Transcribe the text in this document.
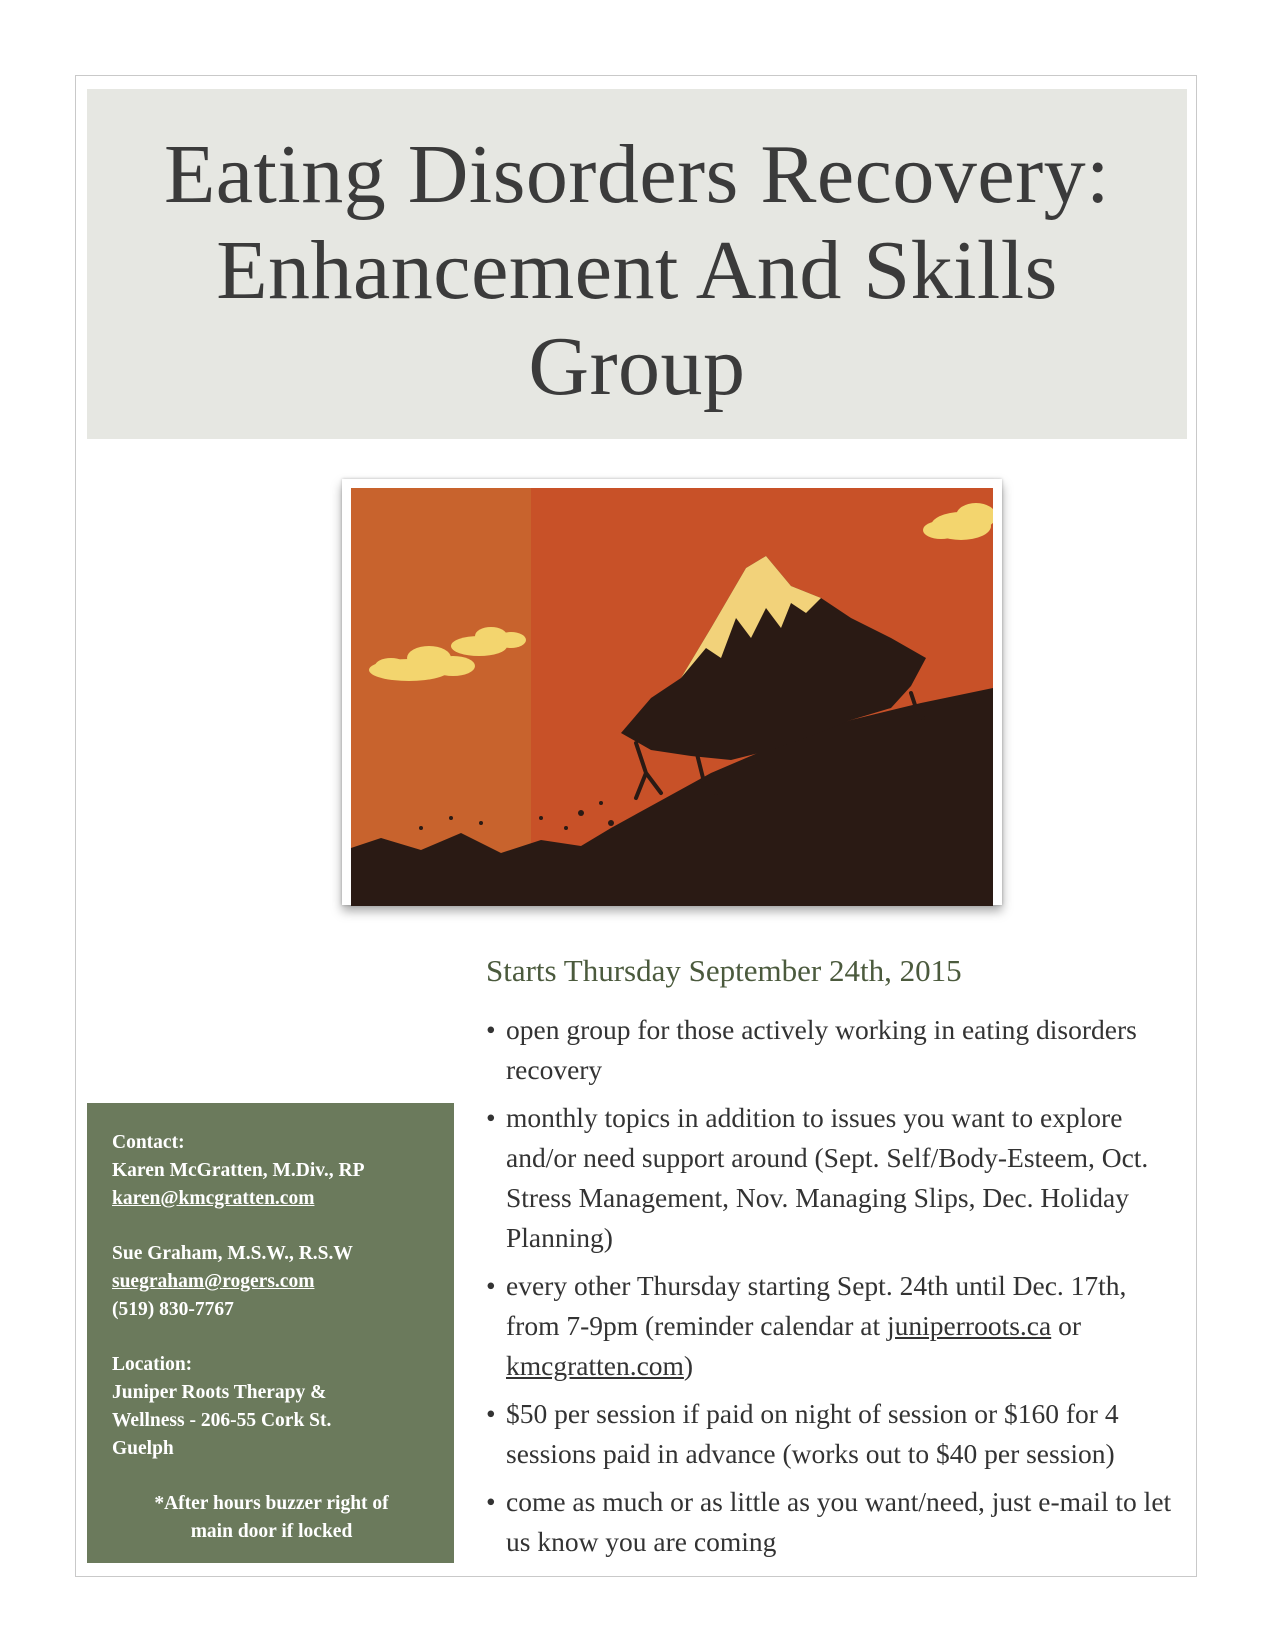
Eating Disorders Recovery:
Enhancement And Skills
Group
Starts Thursday September 24th, 2015
• open group for those actively working in eating disorders recovery
• monthly topics in addition to issues you want to explore and/or need support around (Sept. Self/Body-Esteem, Oct. Stress Management, Nov. Managing Slips, Dec. Holiday Planning)
• every other Thursday starting Sept. 24th until Dec. 17th, from 7-9pm (reminder calendar at juniperroots.ca or kmcgratten.com)
• $50 per session if paid on night of session or $160 for 4 sessions paid in advance (works out to $40 per session)
• come as much or as little as you want/need, just e-mail to let us know you are coming

Contact:

Karen McGratten, M.Div., RP

karen@kmcgratten.com

Sue Graham, M.S.W., R.S.W

suegraham@rogers.com

(519) 830-7767

Location:

Juniper Roots Therapy &

Wellness - 206-55 Cork St.

Guelph

*After hours buzzer right of

main door if locked
